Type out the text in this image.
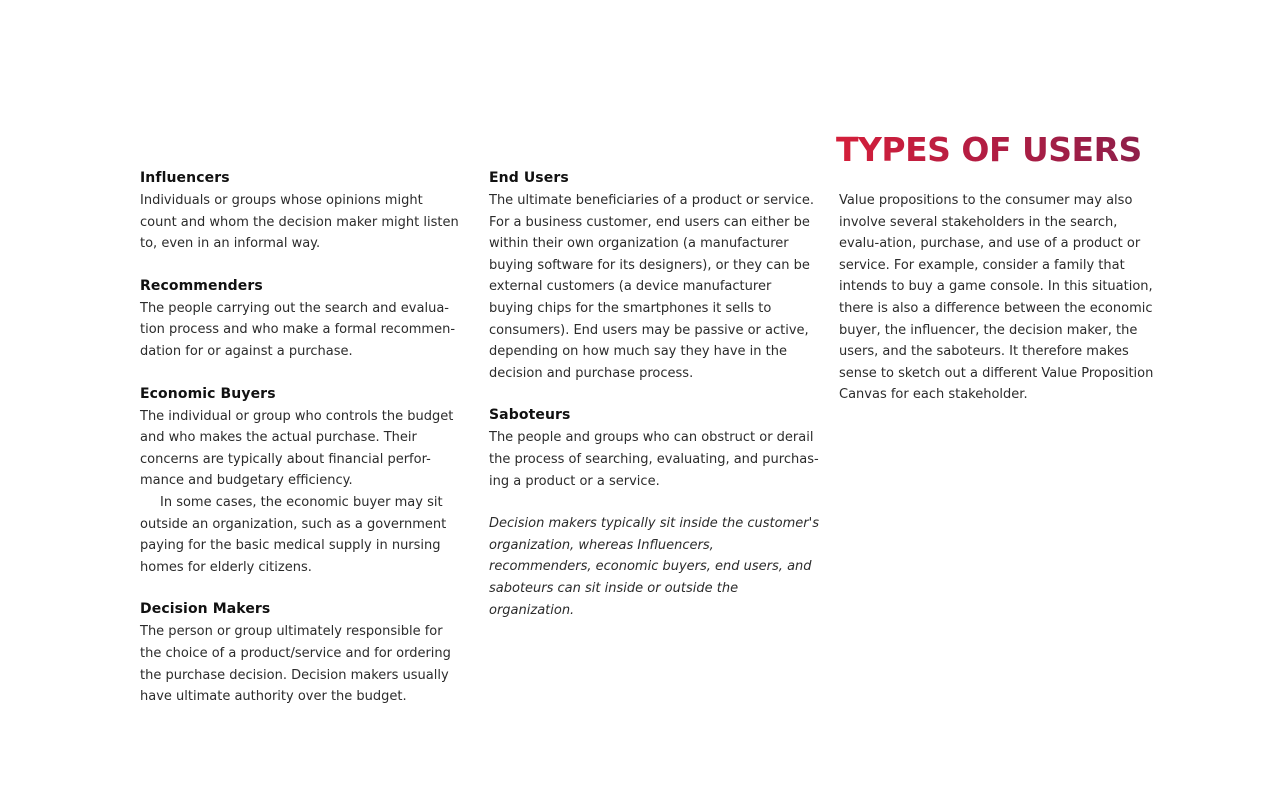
TYPES OF USERS
Influencers

Individuals or groups whose opinions might count and whom the decision maker might listen to, even in an informal way.

Recommenders

The people carrying out the search and evalua-tion process and who make a formal recommen-dation for or against a purchase.

Economic Buyers

The individual or group who controls the budget and who makes the actual purchase. Their concerns are typically about financial perfor-mance and budgetary efficiency.

In some cases, the economic buyer may sit outside an organization, such as a government paying for the basic medical supply in nursing homes for elderly citizens.

Decision Makers

The person or group ultimately responsible for the choice of a product/service and for ordering the purchase decision. Decision makers usually have ultimate authority over the budget.

End Users

The ultimate beneficiaries of a product or service. For a business customer, end users can either be within their own organization (a manufacturer buying software for its designers), or they can be external customers (a device manufacturer buying chips for the smartphones it sells to consumers). End users may be passive or active, depending on how much say they have in the decision and purchase process.

Saboteurs

The people and groups who can obstruct or derail the process of searching, evaluating, and purchas-ing a product or a service.

Decision makers typically sit inside the customer's organization, whereas Influencers, recommenders, economic buyers, end users, and saboteurs can sit inside or outside the organization.

Value propositions to the consumer may also involve several stakeholders in the search, evalu-ation, purchase, and use of a product or service. For example, consider a family that intends to buy a game console. In this situation, there is also a difference between the economic buyer, the influencer, the decision maker, the users, and the saboteurs. It therefore makes sense to sketch out a different Value Proposition Canvas for each stakeholder.
